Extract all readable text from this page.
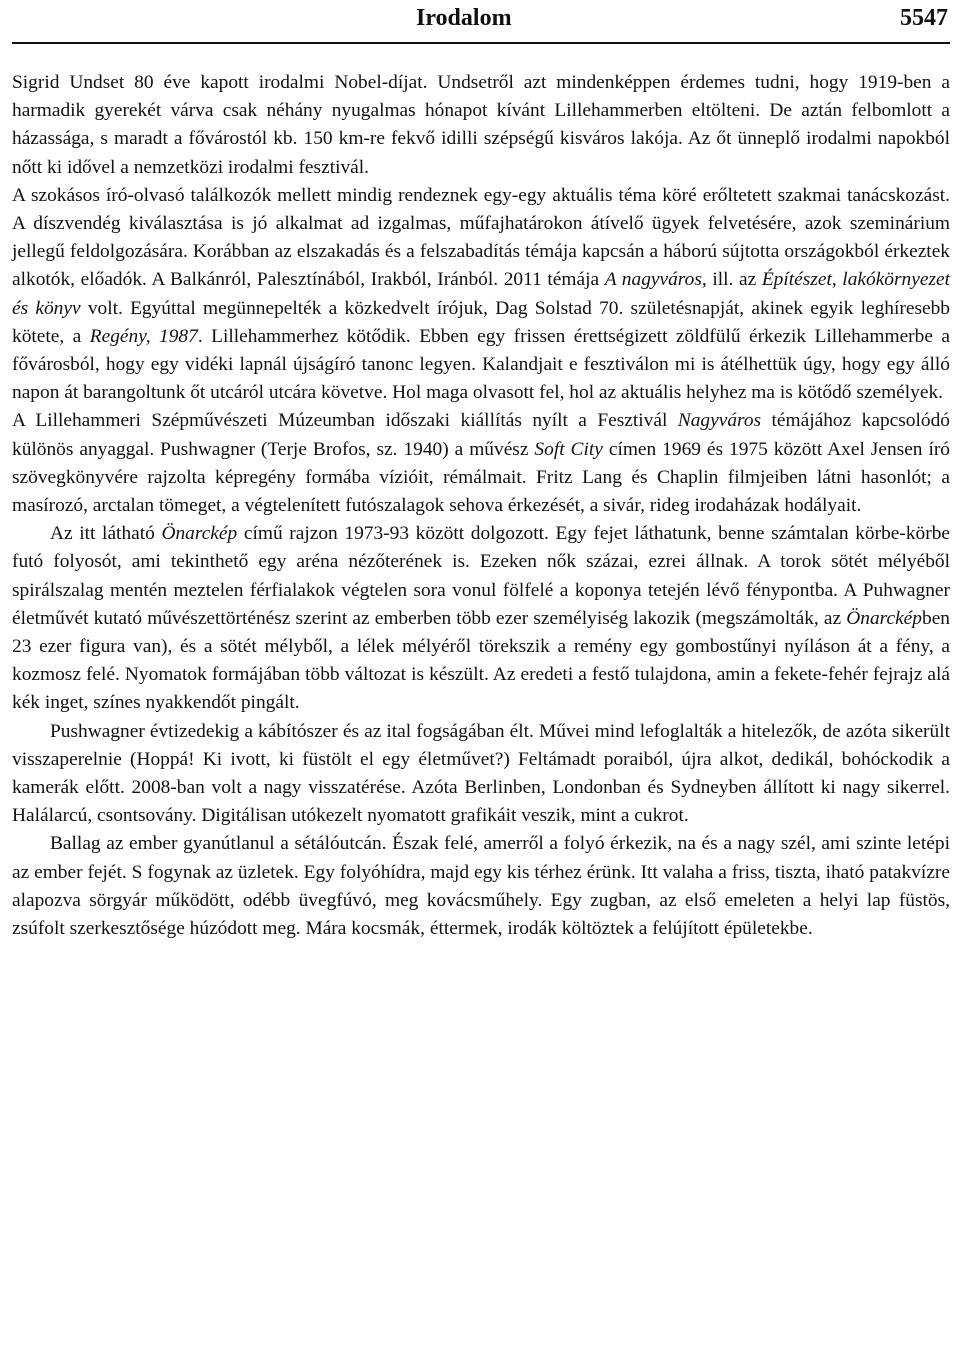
Irodalom	5547

Sigrid Undset 80 éve kapott irodalmi Nobel-díjat. Undsetről azt mindenképpen érdemes tudni, hogy 1919-ben a harmadik gyerekét várva csak néhány nyugalmas hónapot kívánt Lillehammerben eltölteni. De aztán felbomlott a házassága, s maradt a fővárostól kb. 150 km-re fekvő idilli szépségű kisváros lakója. Az őt ünneplő irodalmi napokból nőtt ki idővel a nemzetközi irodalmi fesztivál.

A szokásos író-olvasó találkozók mellett mindig rendeznek egy-egy aktuális téma köré erőltetett szakmai tanácskozást. A díszvendég kiválasztása is jó alkalmat ad izgalmas, műfajhatárokon átívelő ügyek felvetésére, azok szeminárium jellegű feldolgozására. Korábban az elszakadás és a felszabadítás témája kapcsán a háború sújtotta országokból érkeztek alkotók, előadók. A Balkánról, Palesztínából, Irakból, Iránból. 2011 témája A nagyváros, ill. az Építészet, lakókörnyezet és könyv volt. Egyúttal megünnepelték a közkedvelt írójuk, Dag Solstad 70. születésnapját, akinek egyik leghíresebb kötete, a Regény, 1987. Lillehammerhez kötődik. Ebben egy frissen érettségizett zöldfülű érkezik Lillehammerbe a fővárosból, hogy egy vidéki lapnál újságíró tanonc legyen. Kalandjait e fesztiválon mi is átélhettük úgy, hogy egy álló napon át barangoltunk őt utcáról utcára követve. Hol maga olvasott fel, hol az aktuális helyhez ma is kötődő személyek.

A Lillehammeri Szépművészeti Múzeumban időszaki kiállítás nyílt a Fesztivál Nagyváros témájához kapcsolódó különös anyaggal. Pushwagner (Terje Brofos, sz. 1940) a művész Soft City címen 1969 és 1975 között Axel Jensen író szövegkönyvére rajzolta képregény formába vízióit, rémálmait. Fritz Lang és Chaplin filmjeiben látni hasonlót; a masírozó, arctalan tömeget, a végtelenített futószalagok sehova érkezését, a sivár, rideg irodaházak hodályait.

Az itt látható Önarckép című rajzon 1973-93 között dolgozott. Egy fejet láthatunk, benne számtalan körbe-körbe futó folyosót, ami tekinthető egy aréna nézőterének is. Ezeken nők százai, ezrei állnak. A torok sötét mélyéből spirálszalag mentén meztelen férfialakok végtelen sora vonul fölfelé a koponya tetején lévő fénypontba. A Puhwagner életművét kutató művészettörténész szerint az emberben több ezer személyiség lakozik (megszámolták, az Önarcképben 23 ezer figura van), és a sötét mélyből, a lélek mélyéről törekszik a remény egy gombostűnyi nyíláson át a fény, a kozmosz felé. Nyomatok formájában több változat is készült. Az eredeti a festő tulajdona, amin a fekete-fehér fejrajz alá kék inget, színes nyakkendőt pingált.

Pushwagner évtizedekig a kábítószer és az ital fogságában élt. Művei mind lefoglalták a hitelezők, de azóta sikerült visszaperelnie (Hoppá! Ki ivott, ki füstölt el egy életművet?) Feltámadt poraiból, újra alkot, dedikál, bohóckodik a kamerák előtt. 2008-ban volt a nagy visszatérése. Azóta Berlinben, Londonban és Sydneyben állított ki nagy sikerrel. Halálarcú, csontsovány. Digitálisan utókezelt nyomatott grafikáit veszik, mint a cukrot.

Ballag az ember gyanútlanul a sétálóutcán. Észak felé, amerről a folyó érkezik, na és a nagy szél, ami szinte letépi az ember fejét. S fogynak az üzletek. Egy folyóhídra, majd egy kis térhez érünk. Itt valaha a friss, tiszta, iható patakvízre alapozva sörgyár működött, odébb üvegfúvó, meg kovácsműhely. Egy zugban, az első emeleten a helyi lap füstös, zsúfolt szerkesztősége húzódott meg. Mára kocsmák, éttermek, irodák költöztek a felújított épületekbe.
